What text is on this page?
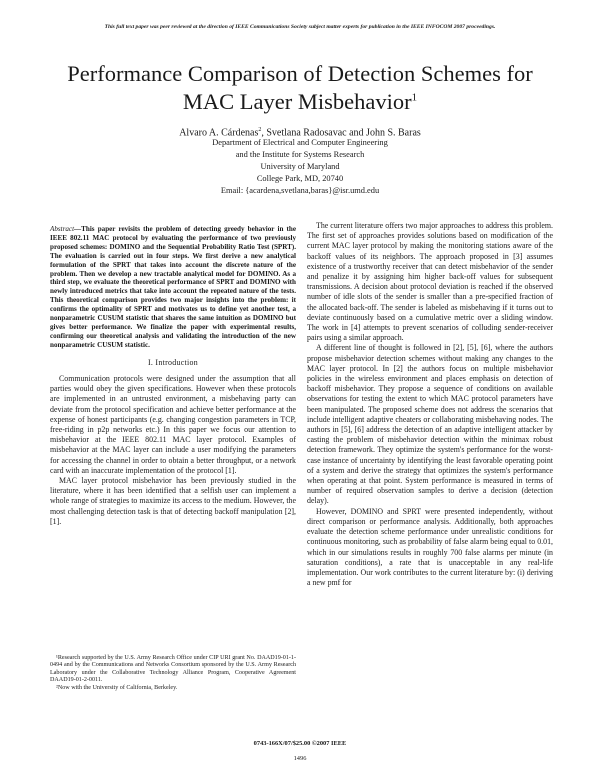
This full text paper was peer reviewed at the direction of IEEE Communications Society subject matter experts for publication in the IEEE INFOCOM 2007 proceedings.
Performance Comparison of Detection Schemes for
MAC Layer Misbehavior$^1$
Alvaro A. Cárdenas$^2$, Svetlana Radosavac and John S. Baras
Department of Electrical and Computer Engineering
and the Institute for Systems Research
University of Maryland
College Park, MD, 20740
Email: {acardena,svetlana,baras}@isr.umd.edu
Abstract—This paper revisits the problem of detecting greedy behavior in the IEEE 802.11 MAC protocol by evaluating the performance of two previously proposed schemes: DOMINO and the Sequential Probability Ratio Test (SPRT). The evaluation is carried out in four steps. We first derive a new analytical formulation of the SPRT that takes into account the discrete nature of the problem. Then we develop a new tractable analytical model for DOMINO. As a third step, we evaluate the theoretical performance of SPRT and DOMINO with newly introduced metrics that take into account the repeated nature of the tests. This theoretical comparison provides two major insights into the problem: it confirms the optimality of SPRT and motivates us to define yet another test, a nonparametric CUSUM statistic that shares the same intuition as DOMINO but gives better performance. We finalize the paper with experimental results, confirming our theoretical analysis and validating the introduction of the new nonparametric CUSUM statistic.
I. Introduction

Communication protocols were designed under the assumption that all parties would obey the given specifications. However when these protocols are implemented in an untrusted environment, a misbehaving party can deviate from the protocol specification and achieve better performance at the expense of honest participants (e.g. changing congestion parameters in TCP, free-riding in p2p networks etc.) In this paper we focus our attention to misbehavior at the IEEE 802.11 MAC layer protocol. Examples of misbehavior at the MAC layer can include a user modifying the parameters for accessing the channel in order to obtain a better throughput, or a network card with an inaccurate implementation of the protocol [1].

MAC layer protocol misbehavior has been previously studied in the literature, where it has been identified that a selfish user can implement a whole range of strategies to maximize its access to the medium. However, the most challenging detection task is that of detecting backoff manipulation [2], [1].

¹Research supported by the U.S. Army Research Office under CIP URI grant No. DAAD19-01-1-0494 and by the Communications and Networks Consortium sponsored by the U.S. Army Research Laboratory under the Collaborative Technology Alliance Program, Cooperative Agreement DAAD19-01-2-0011.
²Now with the University of California, Berkeley.

The current literature offers two major approaches to address this problem. The first set of approaches provides solutions based on modification of the current MAC layer protocol by making the monitoring stations aware of the backoff values of its neighbors. The approach proposed in [3] assumes existence of a trustworthy receiver that can detect misbehavior of the sender and penalize it by assigning him higher back-off values for subsequent transmissions. A decision about protocol deviation is reached if the observed number of idle slots of the sender is smaller than a pre-specified fraction of the allocated back-off. The sender is labeled as misbehaving if it turns out to deviate continuously based on a cumulative metric over a sliding window. The work in [4] attempts to prevent scenarios of colluding sender-receiver pairs using a similar approach.

A different line of thought is followed in [2], [5], [6], where the authors propose misbehavior detection schemes without making any changes to the MAC layer protocol. In [2] the authors focus on multiple misbehavior policies in the wireless environment and places emphasis on detection of backoff misbehavior. They propose a sequence of conditions on available observations for testing the extent to which MAC protocol parameters have been manipulated. The proposed scheme does not address the scenarios that include intelligent adaptive cheaters or collaborating misbehaving nodes. The authors in [5], [6] address the detection of an adaptive intelligent attacker by casting the problem of misbehavior detection within the minimax robust detection framework. They optimize the system's performance for the worst-case instance of uncertainty by identifying the least favorable operating point of a system and derive the strategy that optimizes the system's performance when operating at that point. System performance is measured in terms of number of required observation samples to derive a decision (detection delay).

However, DOMINO and SPRT were presented independently, without direct comparison or performance analysis. Additionally, both approaches evaluate the detection scheme performance under unrealistic conditions for continuous monitoring, such as probability of false alarm being equal to 0.01, which in our simulations results in roughly 700 false alarms per minute (in saturation conditions), a rate that is unacceptable in any real-life implementation. Our work contributes to the current literature by: (i) deriving a new pmf for

0743-166X/07/$25.00 ©2007 IEEE
1496
